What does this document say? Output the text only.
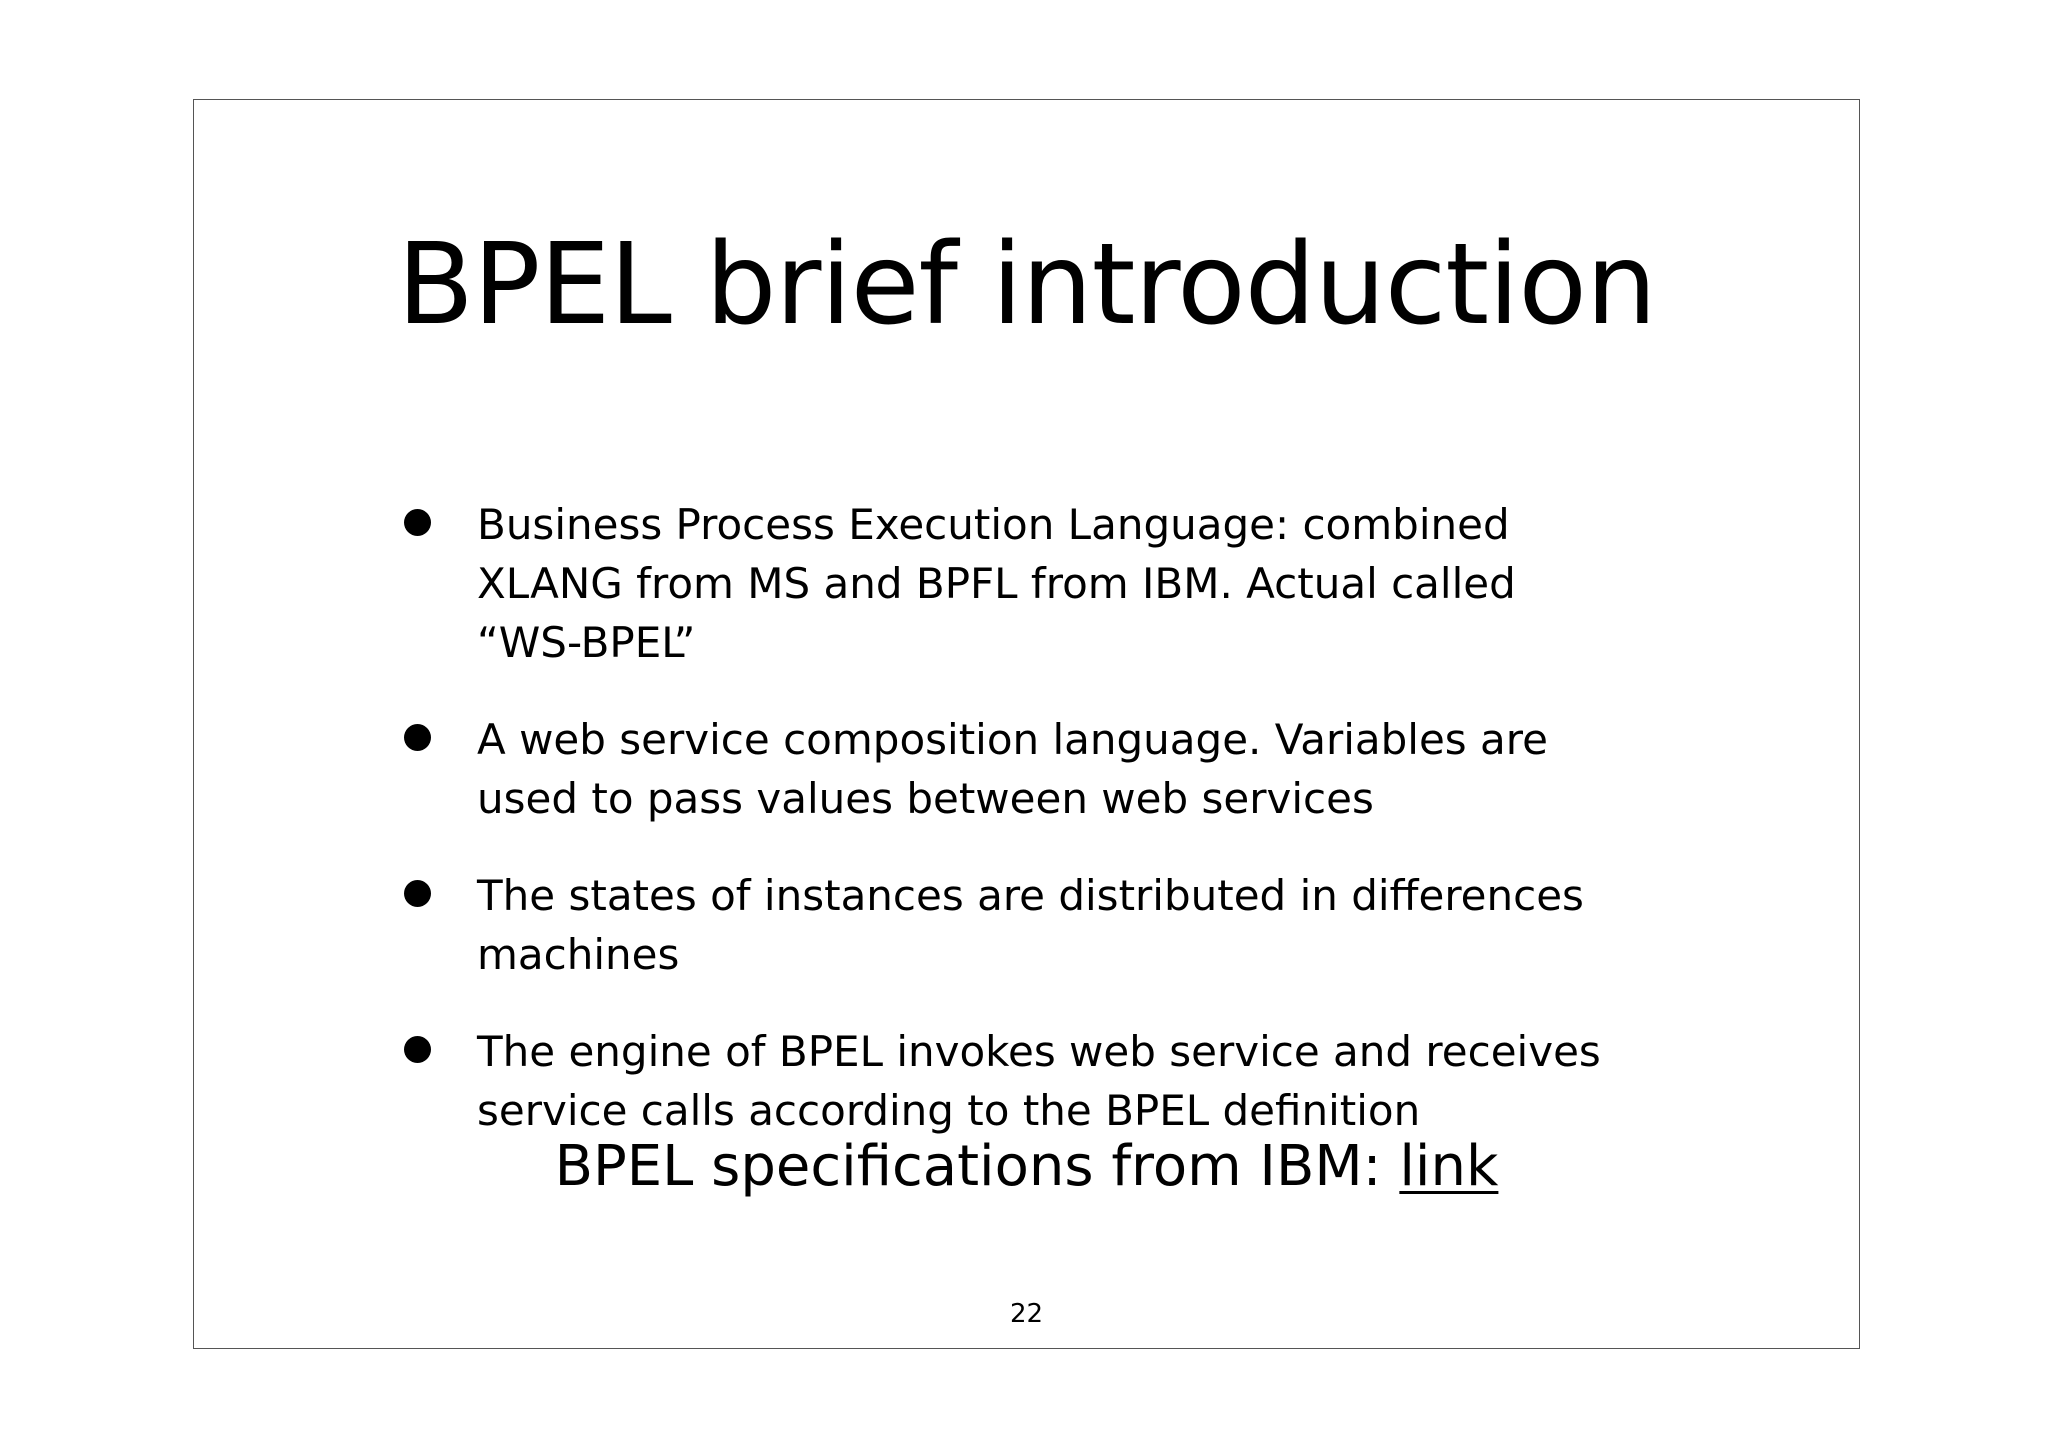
BPEL brief introduction
Business Process Execution Language: combined XLANG from MS and BPFL from IBM. Actual called “WS-BPEL”
A web service composition language. Variables are used to pass values between web services
The states of instances are distributed in differences machines
The engine of BPEL invokes web service and receives service calls according to the BPEL definition
BPEL specifications from IBM: link
22
